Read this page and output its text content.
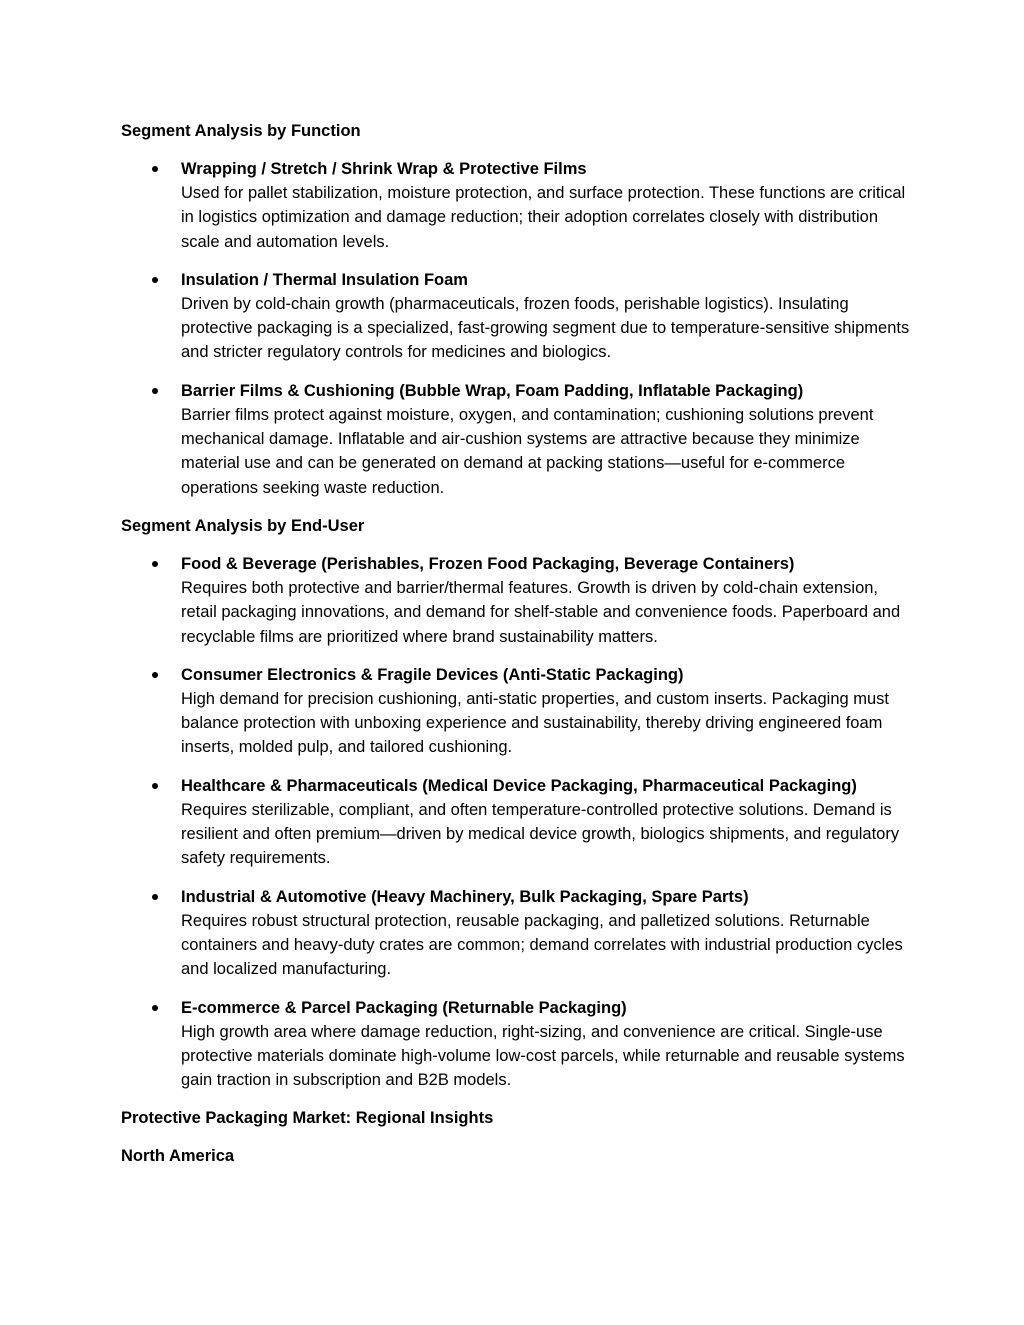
Segment Analysis by Function
Wrapping / Stretch / Shrink Wrap & Protective Films
Used for pallet stabilization, moisture protection, and surface protection. These functions are critical in logistics optimization and damage reduction; their adoption correlates closely with distribution scale and automation levels.
Insulation / Thermal Insulation Foam
Driven by cold-chain growth (pharmaceuticals, frozen foods, perishable logistics). Insulating protective packaging is a specialized, fast-growing segment due to temperature-sensitive shipments and stricter regulatory controls for medicines and biologics.
Barrier Films & Cushioning (Bubble Wrap, Foam Padding, Inflatable Packaging)
Barrier films protect against moisture, oxygen, and contamination; cushioning solutions prevent mechanical damage. Inflatable and air-cushion systems are attractive because they minimize material use and can be generated on demand at packing stations—useful for e-commerce operations seeking waste reduction.
Segment Analysis by End-User
Food & Beverage (Perishables, Frozen Food Packaging, Beverage Containers)
Requires both protective and barrier/thermal features. Growth is driven by cold-chain extension, retail packaging innovations, and demand for shelf-stable and convenience foods. Paperboard and recyclable films are prioritized where brand sustainability matters.
Consumer Electronics & Fragile Devices (Anti-Static Packaging)
High demand for precision cushioning, anti-static properties, and custom inserts. Packaging must balance protection with unboxing experience and sustainability, thereby driving engineered foam inserts, molded pulp, and tailored cushioning.
Healthcare & Pharmaceuticals (Medical Device Packaging, Pharmaceutical Packaging)
Requires sterilizable, compliant, and often temperature-controlled protective solutions. Demand is resilient and often premium—driven by medical device growth, biologics shipments, and regulatory safety requirements.
Industrial & Automotive (Heavy Machinery, Bulk Packaging, Spare Parts)
Requires robust structural protection, reusable packaging, and palletized solutions. Returnable containers and heavy-duty crates are common; demand correlates with industrial production cycles and localized manufacturing.
E-commerce & Parcel Packaging (Returnable Packaging)
High growth area where damage reduction, right-sizing, and convenience are critical. Single-use protective materials dominate high-volume low-cost parcels, while returnable and reusable systems gain traction in subscription and B2B models.
Protective Packaging Market: Regional Insights
North America
